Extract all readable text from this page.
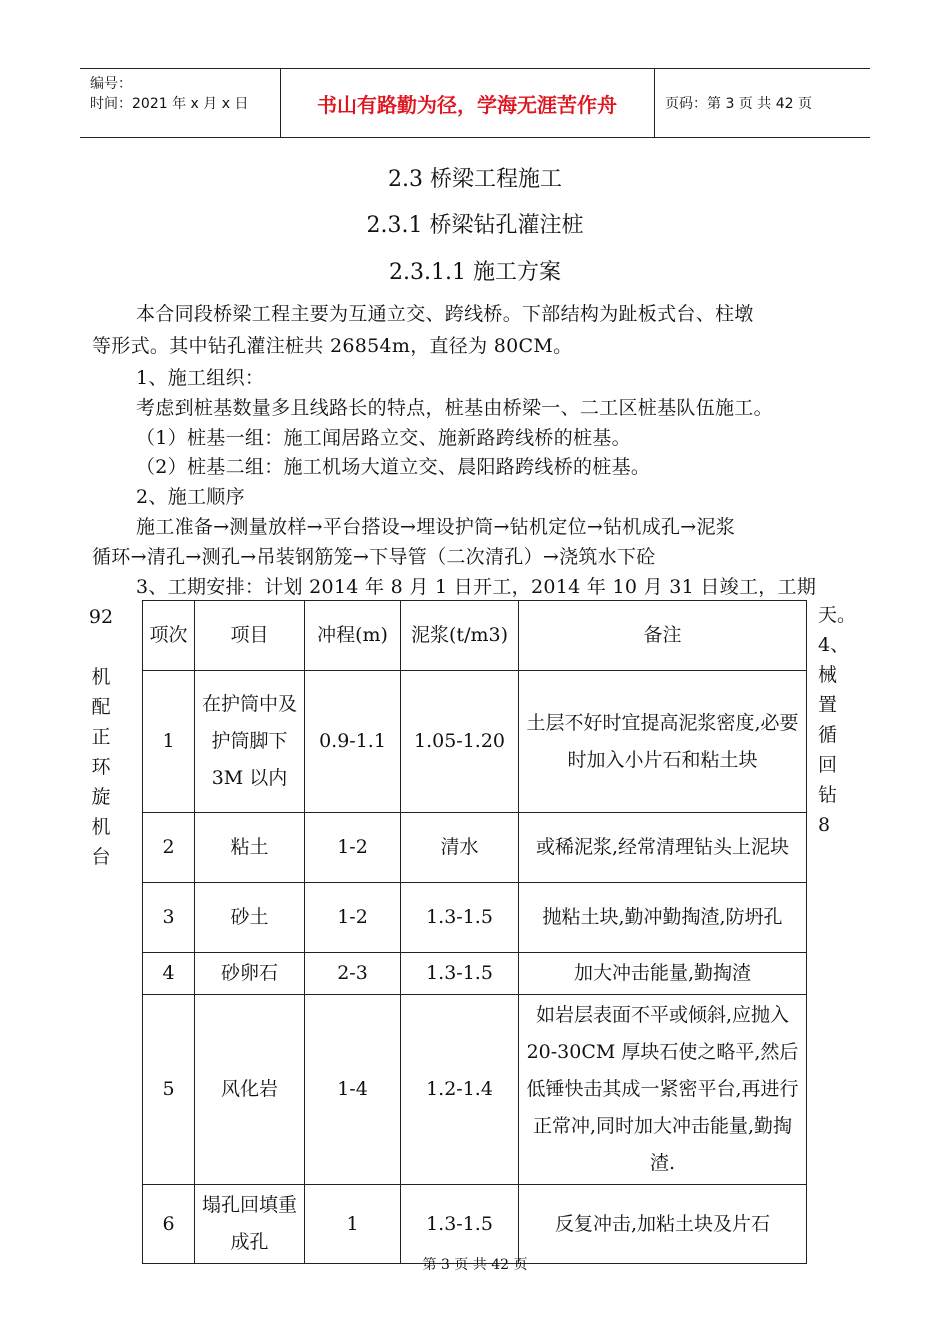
编号：
时间：2021 年 x 月 x 日	书山有路勤为径，学海无涯苦作舟	页码：第 3 页 共 42 页
2.3 桥梁工程施工
2.3.1 桥梁钻孔灌注桩
2.3.1.1 施工方案
本合同段桥梁工程主要为互通立交、跨线桥。下部结构为趾板式台、柱墩
等形式。其中钻孔灌注桩共 26854m，直径为 80CM。
1、施工组织：
考虑到桩基数量多且线路长的特点，桩基由桥梁一、二工区桩基队伍施工。
（1）桩基一组：施工闻居路立交、施新路跨线桥的桩基。
（2）桩基二组：施工机场大道立交、晨阳路跨线桥的桩基。
2、施工顺序
施工准备→测量放样→平台搭设→埋设护筒→钻机定位→钻机成孔→泥浆
循环→清孔→测孔→吊装钢筋笼→下导管（二次清孔）→浇筑水下砼
3、工期安排：计划 2014 年 8 月 1 日开工，2014 年 10 月 31 日竣工，工期
92
机
配
正
环
旋
机
台
天。
4、
械
置
循
回
钻
8
项次	项目	冲程(m)	泥浆(t/m3)	备注
1	在护筒中及护筒脚下 3M 以内	0.9-1.1	1.05-1.20	土层不好时宜提高泥浆密度,必要时加入小片石和粘土块
2	粘土	1-2	清水	或稀泥浆,经常清理钻头上泥块
3	砂土	1-2	1.3-1.5	抛粘土块,勤冲勤掏渣,防坍孔
4	砂卵石	2-3	1.3-1.5	加大冲击能量,勤掏渣
5	风化岩	1-4	1.2-1.4	如岩层表面不平或倾斜,应抛入 20-30CM 厚块石使之略平,然后低锤快击其成一紧密平台,再进行正常冲,同时加大冲击能量,勤掏渣.
6	塌孔回填重成孔	1	1.3-1.5	反复冲击,加粘土块及片石
第 3 页 共 42 页
